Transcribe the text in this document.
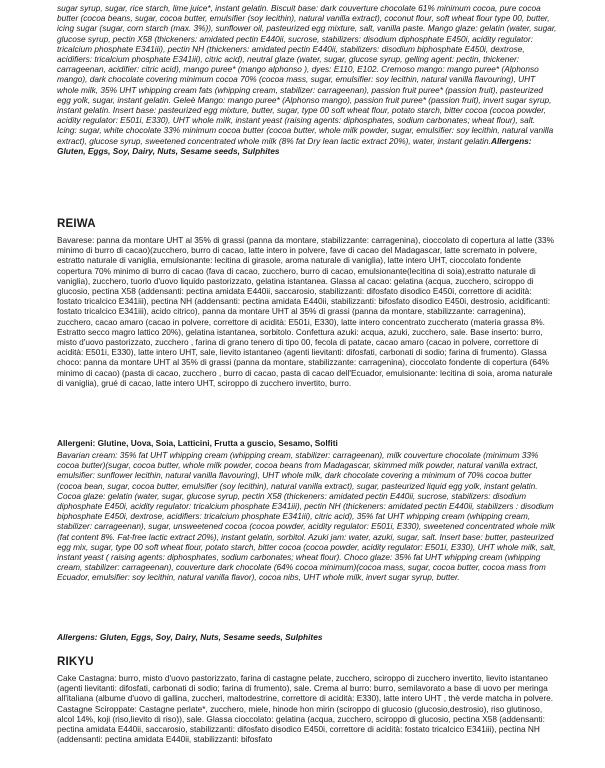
sugar syrup, sugar, rice starch, lime juice*, instant gelatin. Biscuit base: dark couverture chocolate 61% minimum cocoa, pure cocoa butter (cocoa beans, sugar, cocoa butter, emulsifier (soy lecithin), natural vanilla extract), coconut flour, soft wheat flour type 00, butter, icing sugar (sugar, corn starch (max. 3%)), sunflower oil, pasteurized egg mixture, salt, vanilla paste. Mango glaze: gelatin (water, sugar, glucose syrup, pectin X58 (thickeners: amidated pectin E440ii, sucrose, stabilizers: disodium diphosphate E450i, acidity regulator: tricalcium phosphate E341iii), pectin NH (thickeners: amidated pectin E440ii, stabilizers: disodium biphosphate E450i, dextrose, acidifiers: tricalcium phosphate E341iii), citric acid), neutral glaze (water, sugar, glucose syrup, gelling agent: pectin, thickener: carrageenan, acidifier: citric acid), mango puree* (mango alphonso ), dyes: E110, E102. Cremoso mango: mango puree* (Alphonso mango), dark chocolate covering minimum cocoa 70% (cocoa mass, sugar, emulsifier: soy lecithin, natural vanilla flavouring), UHT whole milk, 35% UHT whipping cream fats (whipping cream, stabilizer: carrageenan), passion fruit puree* (passion fruit), pasteurized egg yolk, sugar, instant gelatin. Geleè Mango: mango puree* (Alphonso mango), passion fruit puree* (passion fruit), invert sugar syrup, instant gelatin. Insert base: pasteurized egg mixture, butter, sugar, type 00 soft wheat flour, potato starch, bitter cocoa (cocoa powder, acidity regulator: E501i, E330), UHT whole milk, instant yeast (raising agents: diphosphates, sodium carbonates; wheat flour), salt. Icing: sugar, white chocolate 33% minimum cocoa butter (cocoa butter, whole milk powder, sugar, emulsifier: soy lecithin, natural vanilla extract), glucose syrup, sweetened concentrated whole milk (8% fat Dry lean lactic extract 20%), water, instant gelatin.Allergens: Gluten, Eggs, Soy, Dairy, Nuts, Sesame seeds, Sulphites

REIWA

Bavarese: panna da montare UHT al 35% di grassi (panna da montare, stabilizzante: carragenina), cioccolato di copertura al latte (33% minimo di burro di cacao)(zucchero, burro di cacao, latte intero in polvere, fave di cacao del Madagascar, latte scremato in polvere, estratto naturale di vaniglia, emulsionante: lecitina di girasole, aroma naturale di vaniglia), latte intero UHT, cioccolato fondente copertura 70% minimo di burro di cacao (fava di cacao, zucchero, burro di cacao, emulsionante(lecitina di soia),estratto naturale di vaniglia), zucchero, tuorlo d'uovo liquido pastorizzato, gelatina istantanea. Glassa al cacao: gelatina (acqua, zucchero, sciroppo di glucosio, pectina X58 (addensanti: pectina amidata E440ii, saccarosio, stabilizzanti: difosfato disodico E450i, correttore di acidità: fostato tricalcico E341iii), pectina NH (addensanti: pectina amidata E440ii, stabilizzanti: bifosfato disodico E450i, destrosio, acidificanti: fostato tricalcico E341iii), acido citrico), panna da montare UHT al 35% di grassi (panna da montare, stabilizzante: carragenina), zucchero, cacao amaro (cacao in polvere, correttore di acidità: E501i, E330), latte intero concentrato zuccherato (materia grassa 8%. Estratto secco magro lattico 20%), gelatina istantanea, sorbitolo. Confettura azuki: acqua, azuki, zucchero, sale. Base inserto: burro, misto d'uovo pastorizzato, zucchero , farina di grano tenero di tipo 00, fecola di patate, cacao amaro (cacao in polvere, correttore di acidità: E501i, E330), latte intero UHT, sale, lievito istantaneo (agenti lievitanti: difosfati, carbonati di sodio; farina di frumento). Glassa choco: panna da montare UHT al 35% di grassi (panna da montare, stabilizzante: carragenina), cioccolato fondente di copertura (64% minimo di cacao) (pasta di cacao, zucchero , burro di cacao, pasta di cacao dell'Ecuador, emulsionante: lecitina di soia, aroma naturale di vaniglia), grué di cacao, latte intero UHT, sciroppo di zucchero invertito, burro.

Allergeni: Glutine, Uova, Soia, Latticini, Frutta a guscio, Sesamo, Solfiti

Bavarian cream: 35% fat UHT whipping cream (whipping cream, stabilizer: carrageenan), milk couverture chocolate (minimum 33% cocoa butter)(sugar, cocoa butter, whole milk powder, cocoa beans from Madagascar, skimmed milk powder, natural vanilla extract, emulsifier: sunflower lecithin, natural vanilla flavouring), UHT whole milk, dark chocolate covering a minimum of 70% cocoa butter (cocoa bean, sugar, cocoa butter, emulsifier (soy lecithin), natural vanilla extract), sugar, pasteurized liquid egg yolk, instant gelatin. Cocoa glaze: gelatin (water, sugar, glucose syrup, pectin X58 (thickeners: amidated pectin E440ii, sucrose, stabilizers: disodium diphosphate E450i, acidity regulator: tricalcium phosphate E341iii), pectin NH (thickeners: amidated pectin E440ii, stabilizers : disodium biphosphate E450i, dextrose, acidifiers: tricalcium phosphate E341iii), citric acid), 35% fat UHT whipping cream (whipping cream, stabilizer: carrageenan), sugar, unsweetened cocoa (cocoa powder, acidity regulator: E501i, E330), sweetened concentrated whole milk (fat content 8%. Fat-free lactic extract 20%), instant gelatin, sorbitol. Azuki jam: water, azuki, sugar, salt. Insert base: butter, pasteurized egg mix, sugar, type 00 soft wheat flour, potato starch, bitter cocoa (cocoa powder, acidity regulator: E501i, E330), UHT whole milk, salt, instant yeast ( raising agents: diphosphates, sodium carbonates; wheat flour). Choco glaze: 35% fat UHT whipping cream (whipping cream, stabilizer: carrageenan), couverture dark chocolate (64% cocoa minimum)(cocoa mass, sugar, cocoa butter, cocoa mass from Ecuador, emulsifier: soy lecithin, natural vanilla flavor), cocoa nibs, UHT whole milk, invert sugar syrup, butter.

Allergens: Gluten, Eggs, Soy, Dairy, Nuts, Sesame seeds, Sulphites

RIKYU

Cake Castagna: burro, misto d'uovo pastorizzato, farina di castagne pelate, zucchero, sciroppo di zucchero invertito, lievito istantaneo (agenti lievitanti: difosfati, carbonati di sodio; farina di frumento), sale. Crema al burro: burro, semilavorato a base di uovo per meringa all'italiana (albume d'uovo di gallina, zuccheri, maltodestrine, correttore di acidità: E330), latte intero UHT , thè verde matcha in polvere. Castagne Sciroppate: Castagne perlate*, zucchero, miele, hinode hon mirin (sciroppo di glucosio (glucosio,destrosio), riso glutinoso, alcol 14%, koji (riso,lievito di riso)), sale. Glassa cioccolato: gelatina (acqua, zucchero, sciroppo di glucosio, pectina X58 (addensanti: pectina amidata E440ii, saccarosio, stabilizzanti: difosfato disodico E450i, correttore di acidità: fostato tricalcico E341iii), pectina NH (addensanti: pectina amidata E440ii, stabilizzanti: bifosfato
